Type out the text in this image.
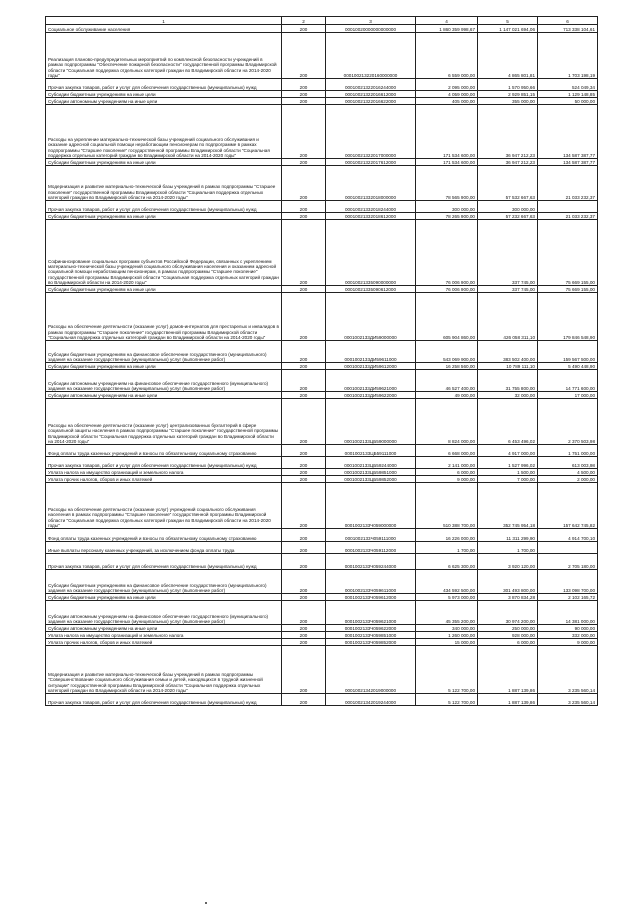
1	2	3	4	5	6
Социальное обслуживание населения	200	00010020000000000000	1 860 359 998,67	1 147 021 694,06	713 338 104,61
Реализация планово-предупредительных мероприятий по комплексной безопасности учреждений в рамках подпрограммы "Обеспечение пожарной безопасности" государственной программы Владимирской области "Социальная поддержка отдельных категорий граждан во Владимирской области на 2014-2020 годы"	200	000100213220160000000	6 559 000,00	4 865 801,81	1 703 198,19
Прочая закупка товаров, работ и услуг для обеспечения государственных (муниципальных) нужд	200	00010021322016244000	2 095 000,00	1 570 950,66	524 049,34
Субсидии бюджетным учреждениям на иные цели	200	00010021322016612000	4 059 000,00	2 929 851,15	1 129 148,85
Субсидии автономным учреждениям на иные цели	200	00010021322016622000	405 000,00	355 000,00	50 000,00
Расходы на укрепление материально-технической базы учреждений социального обслуживания и оказание адресной социальной помощи неработающим пенсионерам по подпрограмме в рамках подпрограммы "Старшее поколение" государственной программы Владимирской области "Социальная поддержка отдельных категорий граждан во Владимирской области на 2014-2020 годы"	200	00010021322017000000	171 534 600,00	36 947 212,23	134 587 387,77
Субсидии бюджетным учреждениям на иные цели	200	00010021322017612000	171 534 600,00	36 947 212,23	134 587 387,77
Модернизация и развитие материально-технической базы учреждений в рамках подпрограммы "Старшее поколение" государственной программы Владимирской области "Социальная поддержка отдельных категорий граждан во Владимирской области на 2014-2020 годы"	200	00010021332018000000	78 565 900,00	57 532 667,63	21 033 232,37
Прочая закупка товаров, работ и услуг для обеспечения государственных (муниципальных) нужд	200	00010021332018244000	300 000,00	300 000,00	
Субсидии бюджетным учреждениям на иные цели	200	00010021332018612000	78 265 900,00	57 232 667,63	21 033 232,37
Софинансирование социальных программ субъектов Российской Федерации, связанных с укреплением материально-технической базы учреждений социального обслуживания населения и оказанием адресной социальной помощи неработающим пенсионерам, в рамках подпрограммы "Старшее поколение" государственной программы Владимирской области "Социальная поддержка отдельных категорий граждан во Владимирской области на 2014-2020 годы"	200	00010021335090000000	76 006 900,00	337 745,00	75 669 155,00
Субсидии бюджетным учреждениям на иные цели	200	00010021335090612000	76 006 900,00	337 745,00	75 669 155,00
Расходы на обеспечение деятельности (оказание услуг) домов-интернатов для престарелых и инвалидов в рамках подпрограммы "Старшее поколение" государственной программы Владимирской области "Социальная поддержка отдельных категорий граждан во Владимирской области на 2014-2020 годы"	200	0001002133ДИ59000000	605 904 860,00	426 058 311,10	179 846 548,90
Субсидии бюджетным учреждениям на финансовое обеспечение государственного (муниципального) задания на оказание государственных (муниципальных) услуг (выполнение работ)	200	0001002133ДИ59611000	543 069 900,00	383 502 400,00	159 567 500,00
Субсидии бюджетным учреждениям на иные цели	200	0001002133ДИ59612000	16 258 560,00	10 789 111,10	5 490 448,90
Субсидии автономным учреждениям на финансовое обеспечение государственного (муниципального) задания на оказание государственных (муниципальных) услуг (выполнение работ)	200	0001002133ДИ59621000	46 527 400,00	31 755 800,00	14 771 600,00
Субсидии автономным учреждениям на иные цели	200	0001002133ДИ59622000	49 000,00	32 000,00	17 000,00
Расходы на обеспечение деятельности (оказание услуг) централизованных бухгалтерий в сфере социальной защиты населения в рамках подпрограммы "Старшее поколение" государственной программы Владимирской области "Социальная поддержка отдельных категорий граждан во Владимирской области на 2014-2020 годы"	200	0001002133ЦБ59000000	8 824 000,00	6 453 496,02	2 370 503,98
Фонд оплаты труда казенных учреждений и взносы по обязательному социальному страхованию	200	0001002133ЦБ59111000	6 668 000,00	4 917 000,00	1 751 000,00
Прочая закупка товаров, работ и услуг для обеспечения государственных (муниципальных) нужд	200	0001002133ЦБ59244000	2 141 000,00	1 527 996,02	613 003,98
Уплата налога на имущество организаций и земельного налога	200	0001002133ЦБ59851000	6 000,00	1 500,00	4 500,00
Уплата прочих налогов, сборов и иных платежей	200	0001002133ЦБ59852000	9 000,00	7 000,00	2 000,00
Расходы на обеспечение деятельности (оказание услуг) учреждений социального обслуживания населения в рамках подпрограммы "Старшее поколение" государственной программы Владимирской области "Социальная поддержка отдельных категорий граждан во Владимирской области на 2014-2020 годы"	200	0001002133Ч059000000	510 388 700,00	352 745 954,18	157 642 745,82
Фонд оплаты труда казенных учреждений и взносы по обязательному социальному страхованию	200	0001002133Ч059111000	16 226 000,00	11 311 299,90	4 914 700,10
Иные выплаты персоналу казенных учреждений, за исключением фонда оплаты труда	200	0001002133Ч059112000	1 700,00	1 700,00	
Прочая закупка товаров, работ и услуг для обеспечения государственных (муниципальных) нужд	200	0001002133Ч059244000	6 625 300,00	3 920 120,00	2 705 180,00
Субсидии бюджетным учреждениям на финансовое обеспечение государственного (муниципального) задания на оказание государственных (муниципальных) услуг (выполнение работ)	200	0001002133Ч059611000	434 592 500,00	301 493 800,00	133 098 700,00
Субсидии бюджетным учреждениям на иные цели	200	0001002133Ч059612000	5 973 000,00	3 870 834,28	2 102 165,72
Субсидии автономным учреждениям на финансовое обеспечение государственного (муниципального) задания на оказание государственных (муниципальных) услуг (выполнение работ)	200	0001002133Ч059621000	45 355 200,00	30 974 200,00	14 381 000,00
Субсидии автономным учреждениям на иные цели	200	0001002133Ч059622000	340 000,00	250 000,00	90 000,00
Уплата налога на имущество организаций и земельного налога	200	0001002133Ч059851000	1 260 000,00	928 000,00	332 000,00
Уплата прочих налогов, сборов и иных платежей	200	0001002133Ч059852000	15 000,00	6 000,00	9 000,00
Модернизация и развитие материально-технической базы учреждений в рамках подпрограммы "Совершенствование социального обслуживания семьи и детей, находящихся в трудной жизненной ситуации" государственной программы Владимирской области "Социальная поддержка отдельных категорий граждан во Владимирской области на 2014-2020 годы"	200	00010021342019000000	5 122 700,00	1 887 139,86	3 235 560,14
Прочая закупка товаров, работ и услуг для обеспечения государственных (муниципальных) нужд	200	00010021342019244000	5 122 700,00	1 887 139,86	3 235 560,14
